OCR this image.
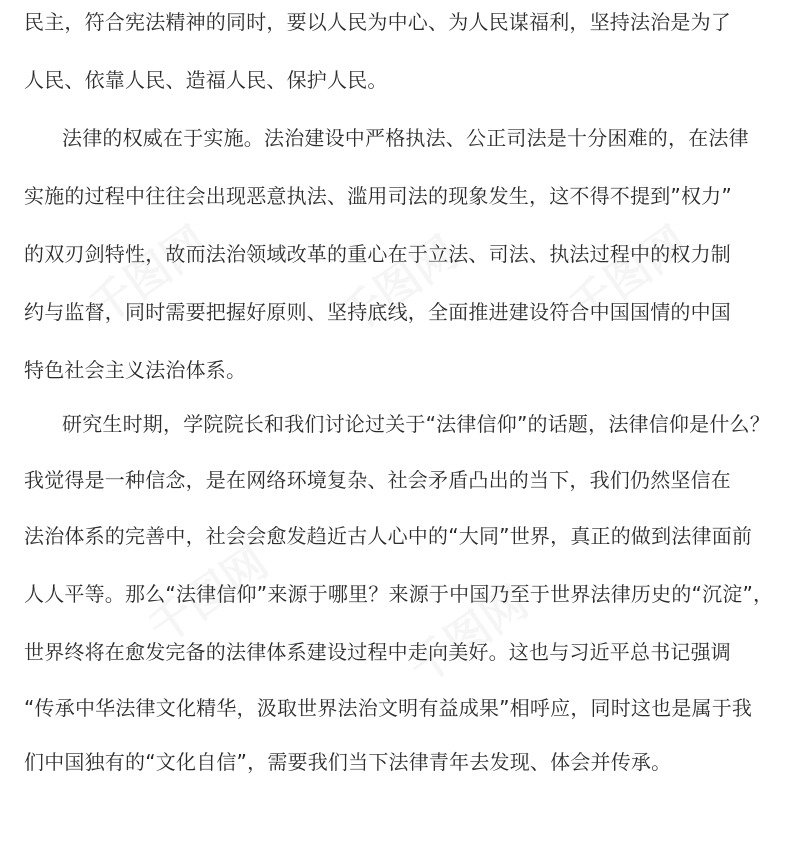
千图网	千图网 千图网
千图网	千图网
民主，符合宪法精神的同时，要以人民为中心、为人民谋福利，坚持法治是为了
人民、依靠人民、造福人民、保护人民。
法律的权威在于实施。法治建设中严格执法、公正司法是十分困难的，在法律
实施的过程中往往会出现恶意执法、滥用司法的现象发生，这不得不提到”权力”
的双刃剑特性，故而法治领域改革的重心在于立法、司法、执法过程中的权力制
约与监督，同时需要把握好原则、坚持底线，全面推进建设符合中国国情的中国
特色社会主义法治体系。
研究生时期，学院院长和我们讨论过关于“法律信仰”的话题，法律信仰是什么？
我觉得是一种信念，是在网络环境复杂、社会矛盾凸出的当下，我们仍然坚信在
法治体系的完善中，社会会愈发趋近古人心中的“大同”世界，真正的做到法律面前
人人平等。那么“法律信仰”来源于哪里？来源于中国乃至于世界法律历史的“沉淀”，
世界终将在愈发完备的法律体系建设过程中走向美好。这也与习近平总书记强调
“传承中华法律文化精华，汲取世界法治文明有益成果”相呼应，同时这也是属于我
们中国独有的“文化自信”，需要我们当下法律青年去发现、体会并传承。
